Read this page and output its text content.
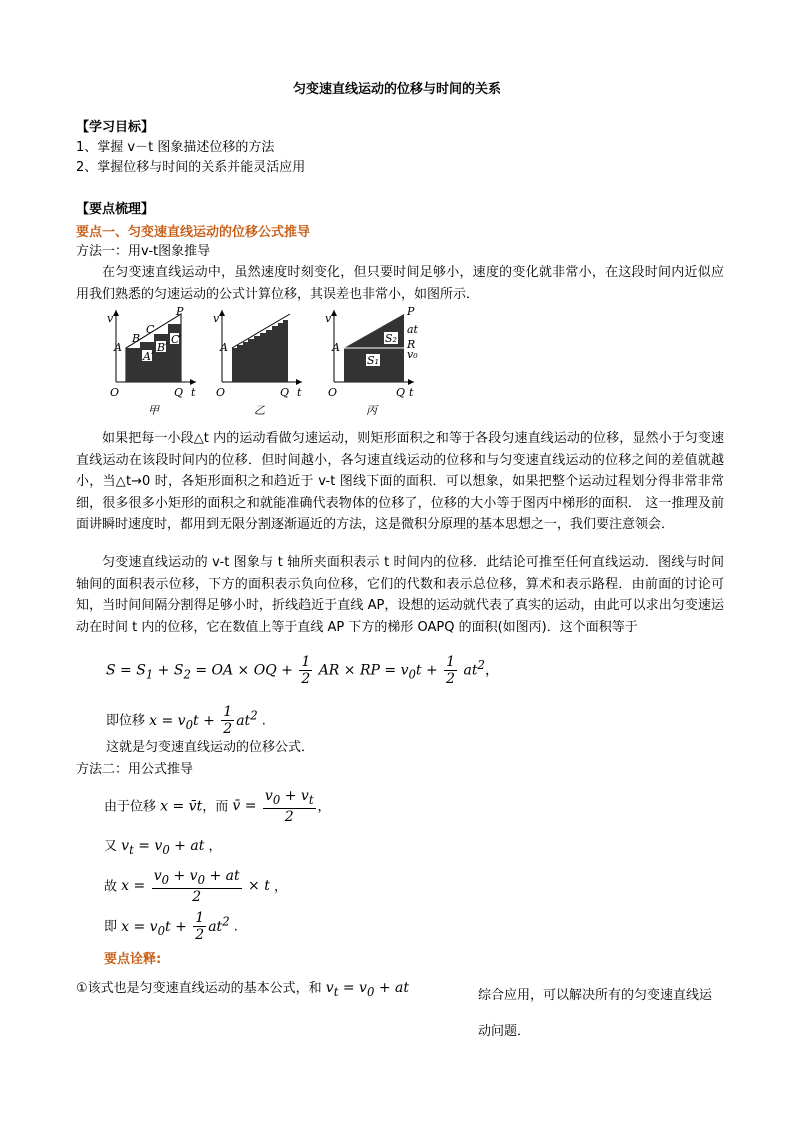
匀变速直线运动的位移与时间的关系
【学习目标】
1、掌握 v－t 图象描述位移的方法
2、掌握位移与时间的关系并能灵活应用
【要点梳理】
要点一、匀变速直线运动的位移公式推导
方法一：用v-t图象推导
在匀变速直线运动中，虽然速度时刻变化，但只要时间足够小，速度的变化就非常小，在这段时间内近似应用我们熟悉的匀速运动的公式计算位移，其误差也非常小，如图所示．
v
A
B
C
P
A′
B′
C′
O	Q t
甲
v
A
O	Q t
乙
v
A
P
at
R
v₀
S₁
S₂
O	Q t
丙
如果把每一小段△t 内的运动看做匀速运动，则矩形面积之和等于各段匀速直线运动的位移，显然小于匀变速直线运动在该段时间内的位移．但时间越小，各匀速直线运动的位移和与匀变速直线运动的位移之间的差值就越小，当△t→0 时，各矩形面积之和趋近于 v-t 图线下面的面积．可以想象，如果把整个运动过程划分得非常非常细，很多很多小矩形的面积之和就能准确代表物体的位移了，位移的大小等于图丙中梯形的面积． 这一推理及前面讲瞬时速度时，都用到无限分割逐渐逼近的方法，这是微积分原理的基本思想之一，我们要注意领会．
匀变速直线运动的 v-t 图象与 t 轴所夹面积表示 t 时间内的位移．此结论可推至任何直线运动．图线与时间轴间的面积表示位移，下方的面积表示负向位移，它们的代数和表示总位移，算术和表示路程．由前面的讨论可知，当时间间隔分割得足够小时，折线趋近于直线 AP，设想的运动就代表了真实的运动，由此可以求出匀变速运动在时间 t 内的位移，它在数值上等于直线 AP 下方的梯形 OAPQ 的面积(如图丙)．这个面积等于
$S = S_1 + S_2$ = OA × OQ + $\frac{1}{2}$ AR × RP = $v_0t + \frac{1}{2} at^2$，
即位移 $x = v_0t + \frac{1}{2} at^2$ .
这就是匀变速直线运动的位移公式．
方法二：用公式推导
由于位移 x = v̄t，而 v̄ = $\frac{v_0 + v_t}{2}$ ，
又 $v_t = v_0$ + at ，
故 $x = \frac{v_0 + v_0 + at}{2} \times t$ ，
即 $x = v_0t + \frac{1}{2} at^2$ .
要点诠释:
①该式也是匀变速直线运动的基本公式，和 $v_t = v_0$ + at	综合应用，可以解决所有的匀变速直线运动问题．
